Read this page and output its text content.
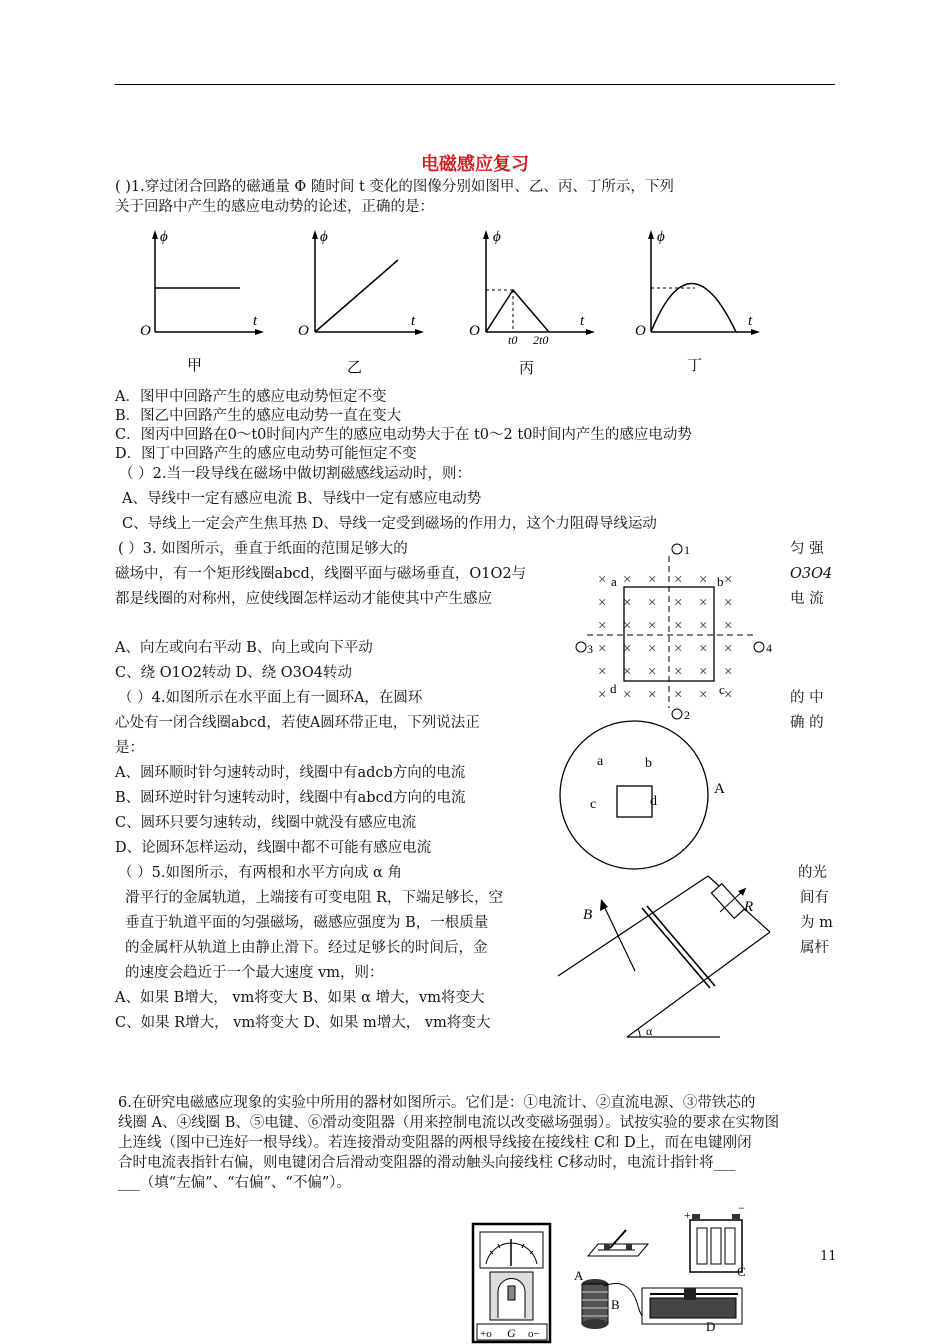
电磁感应复习
( )1.穿过闭合回路的磁通量 Φ 随时间 t 变化的图像分别如图甲、乙、丙、丁所示，下列
关于回路中产生的感应电动势的论述，正确的是：
ϕ
t
O
甲
ϕ
t
O
乙
ϕ
t
O
t0 2t0
丙
ϕ
t
O
丁
A．图甲中回路产生的感应电动势恒定不变
B．图乙中回路产生的感应电动势一直在变大
C．图丙中回路在0～t0时间内产生的感应电动势大于在 t0～2 t0时间内产生的感应电动势
D．图丁中回路产生的感应电动势可能恒定不变
（ ）2.当一段导线在磁场中做切割磁感线运动时，则：
A、导线中一定有感应电流 B、导线中一定有感应电动势
C、导线上一定会产生焦耳热 D、导线一定受到磁场的作用力，这个力阻碍导线运动
( ）3. 如图所示，垂直于纸面的范围足够大的	匀 强
磁场中，有一个矩形线圈abcd，线圈平面与磁场垂直，O1O2与	O3O4
都是线圈的对称州，应使线圈怎样运动才能使其中产生感应	电 流
A、向左或向右平动 B、向上或向下平动
C、绕 O1O2转动 D、绕 O3O4转动
× × × × × ×
× × × × × ×
× × × × × ×
× × × × × ×
× × × × × ×
× × × × × ×
1
2
3	4
a	b
c
d
（ ）4.如图所示在水平面上有一圆环A，在圆环	的 中
心处有一闭合线圈abcd，若使A圆环带正电，下列说法正	确 的
是：
A、圆环顺时针匀速转动时，线圈中有adcb方向的电流
B、圆环逆时针匀速转动时，线圈中有abcd方向的电流
C、圆环只要匀速转动，线圈中就没有感应电流
D、论圆环怎样运动，线圈中都不可能有感应电流
a	b
c	d
A
（ ）5.如图所示，有两根和水平方向成 α 角	的光
滑平行的金属轨道，上端接有可变电阻 R，下端足够长，空	间有
垂直于轨道平面的匀强磁场，磁感应强度为 B，一根质量	为 m
的金属杆从轨道上由静止滑下。经过足够长的时间后，金	属杆
的速度会趋近于一个最大速度 vm，则：
A、如果 B增大， vm将变大 B、如果 α 增大，vm将变大
C、如果 R增大， vm将变大 D、如果 m增大， vm将变大
B	R
α
6.在研究电磁感应现象的实验中所用的器材如图所示。它们是：①电流计、②直流电源、③带铁芯的
线圈 A、④线圈 B、⑤电键、⑥滑动变阻器（用来控制电流以改变磁场强弱）。试按实验的要求在实物图
上连线（图中已连好一根导线）。若连接滑动变阻器的两根导线接在接线柱 C和 D上，而在电键刚闭
合时电流表指针右偏，则电键闭合后滑动变阻器的滑动触头向接线柱 C移动时，电流计指针将___
___（填“左偏”、“右偏”、“不偏”）。
+o G o−
+	−
A
B
C
D
11
